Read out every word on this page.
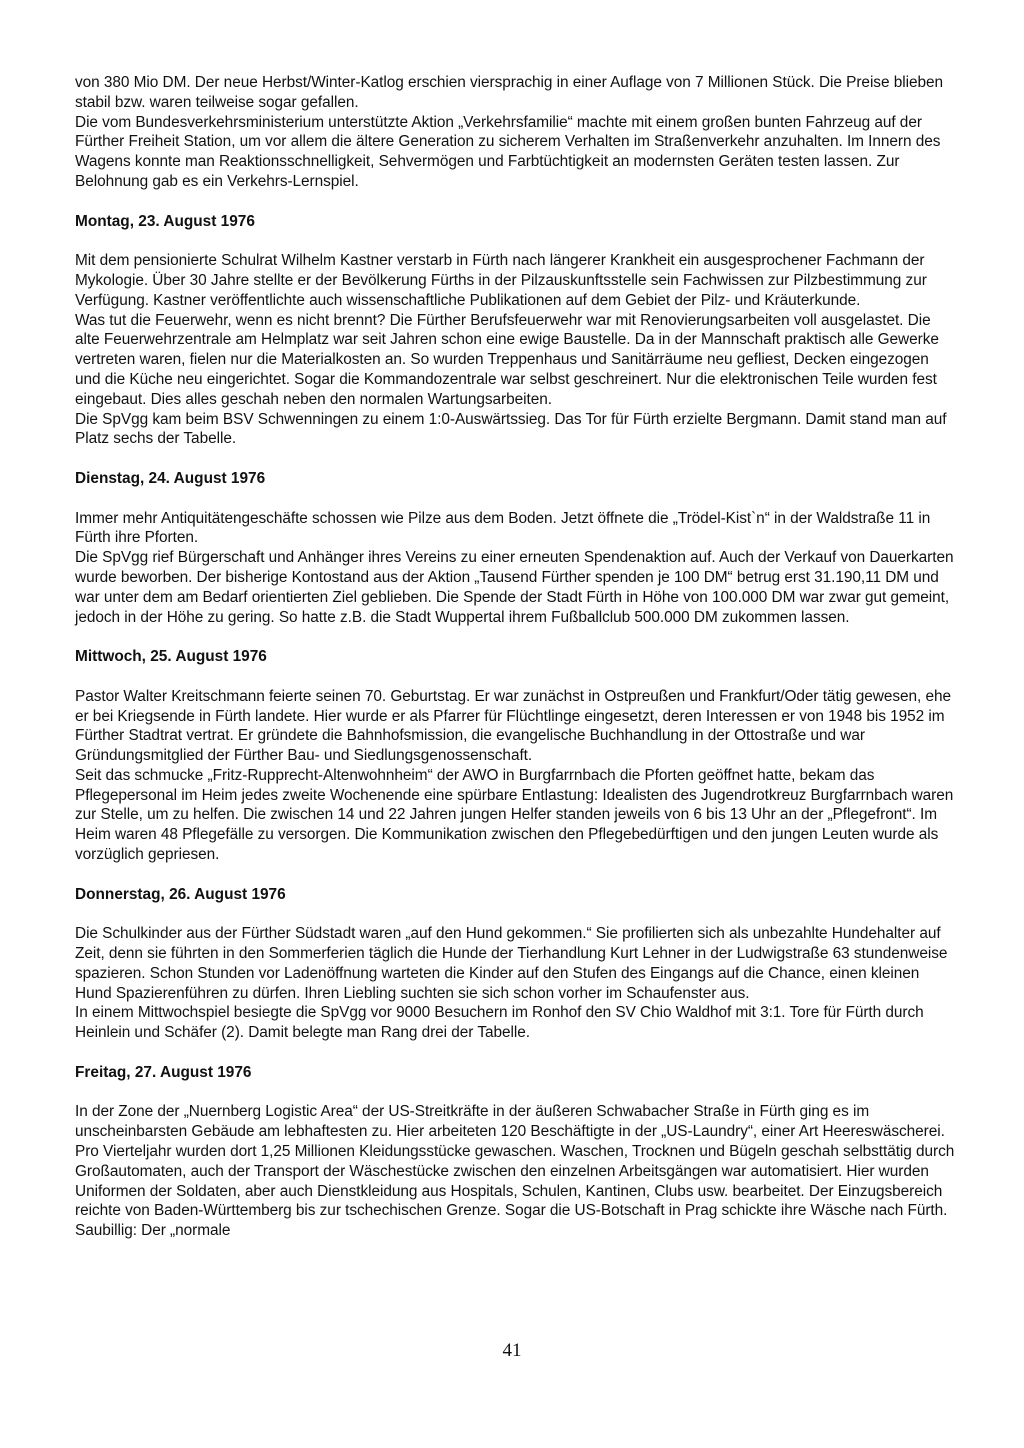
von 380 Mio DM. Der neue Herbst/Winter-Katlog erschien viersprachig in einer Auflage von 7 Millionen Stück. Die Preise blieben stabil bzw. waren teilweise sogar gefallen.

Die vom Bundesverkehrsministerium unterstützte Aktion „Verkehrsfamilie“ machte mit einem großen bunten Fahrzeug auf der Fürther Freiheit Station, um vor allem die ältere Generation zu sicherem Verhalten im Straßenverkehr anzuhalten. Im Innern des Wagens konnte man Reaktionsschnelligkeit, Sehvermögen und Farbtüchtigkeit an modernsten Geräten testen lassen. Zur Belohnung gab es ein Verkehrs-Lernspiel.

Montag, 23. August 1976

Mit dem pensionierte Schulrat Wilhelm Kastner verstarb in Fürth nach längerer Krankheit ein ausgesprochener Fachmann der Mykologie. Über 30 Jahre stellte er der Bevölkerung Fürths in der Pilzauskunftsstelle sein Fachwissen zur Pilzbestimmung zur Verfügung. Kastner veröffentlichte auch wissenschaftliche Publikationen auf dem Gebiet der Pilz- und Kräuterkunde.

Was tut die Feuerwehr, wenn es nicht brennt? Die Fürther Berufsfeuerwehr war mit Renovierungsarbeiten voll ausgelastet. Die alte Feuerwehrzentrale am Helmplatz war seit Jahren schon eine ewige Baustelle. Da in der Mannschaft praktisch alle Gewerke vertreten waren, fielen nur die Materialkosten an. So wurden Treppenhaus und Sanitärräume neu gefliest, Decken eingezogen und die Küche neu eingerichtet. Sogar die Kommandozentrale war selbst geschreinert. Nur die elektronischen Teile wurden fest eingebaut. Dies alles geschah neben den normalen Wartungsarbeiten.

Die SpVgg kam beim BSV Schwenningen zu einem 1:0-Auswärtssieg. Das Tor für Fürth erzielte Bergmann. Damit stand man auf Platz sechs der Tabelle.

Dienstag, 24. August 1976

Immer mehr Antiquitätengeschäfte schossen wie Pilze aus dem Boden. Jetzt öffnete die „Trödel-Kist`n“ in der Waldstraße 11 in Fürth ihre Pforten.

Die SpVgg rief Bürgerschaft und Anhänger ihres Vereins zu einer erneuten Spendenaktion auf. Auch der Verkauf von Dauerkarten wurde beworben. Der bisherige Kontostand aus der Aktion „Tausend Fürther spenden je 100 DM“ betrug erst 31.190,11 DM und war unter dem am Bedarf orientierten Ziel geblieben. Die Spende der Stadt Fürth in Höhe von 100.000 DM war zwar gut gemeint, jedoch in der Höhe zu gering. So hatte z.B. die Stadt Wuppertal ihrem Fußballclub 500.000 DM zukommen lassen.

Mittwoch, 25. August 1976

Pastor Walter Kreitschmann feierte seinen 70. Geburtstag. Er war zunächst in Ostpreußen und Frankfurt/Oder tätig gewesen, ehe er bei Kriegsende in Fürth landete. Hier wurde er als Pfarrer für Flüchtlinge eingesetzt, deren Interessen er von 1948 bis 1952 im Fürther Stadtrat vertrat. Er gründete die Bahnhofsmission, die evangelische Buchhandlung in der Ottostraße und war Gründungsmitglied der Fürther Bau- und Siedlungsgenossenschaft.

Seit das schmucke „Fritz-Rupprecht-Altenwohnheim“ der AWO in Burgfarrnbach die Pforten geöffnet hatte, bekam das Pflegepersonal im Heim jedes zweite Wochenende eine spürbare Entlastung: Idealisten des Jugendrotkreuz Burgfarrnbach waren zur Stelle, um zu helfen. Die zwischen 14 und 22 Jahren jungen Helfer standen jeweils von 6 bis 13 Uhr an der „Pflegefront“. Im Heim waren 48 Pflegefälle zu versorgen. Die Kommunikation zwischen den Pflegebedürftigen und den jungen Leuten wurde als vorzüglich gepriesen.

Donnerstag, 26. August 1976

Die Schulkinder aus der Fürther Südstadt waren „auf den Hund gekommen.“ Sie profilierten sich als unbezahlte Hundehalter auf Zeit, denn sie führten in den Sommerferien täglich die Hunde der Tierhandlung Kurt Lehner in der Ludwigstraße 63 stundenweise spazieren. Schon Stunden vor Ladenöffnung warteten die Kinder auf den Stufen des Eingangs auf die Chance, einen kleinen Hund Spazierenführen zu dürfen. Ihren Liebling suchten sie sich schon vorher im Schaufenster aus.

In einem Mittwochspiel besiegte die SpVgg vor 9000 Besuchern im Ronhof den SV Chio Waldhof mit 3:1. Tore für Fürth durch Heinlein und Schäfer (2). Damit belegte man Rang drei der Tabelle.

Freitag, 27. August 1976

In der Zone der „Nuernberg Logistic Area“ der US-Streitkräfte in der äußeren Schwabacher Straße in Fürth ging es im unscheinbarsten Gebäude am lebhaftesten zu. Hier arbeiteten 120 Beschäftigte in der „US-Laundry“, einer Art Heereswäscherei. Pro Vierteljahr wurden dort 1,25 Millionen Kleidungsstücke gewaschen. Waschen, Trocknen und Bügeln geschah selbsttätig durch Großautomaten, auch der Transport der Wäschestücke zwischen den einzelnen Arbeitsgängen war automatisiert. Hier wurden Uniformen der Soldaten, aber auch Dienstkleidung aus Hospitals, Schulen, Kantinen, Clubs usw. bearbeitet. Der Einzugsbereich reichte von Baden-Württemberg bis zur tschechischen Grenze. Sogar die US-Botschaft in Prag schickte ihre Wäsche nach Fürth. Saubillig: Der „normale

41
